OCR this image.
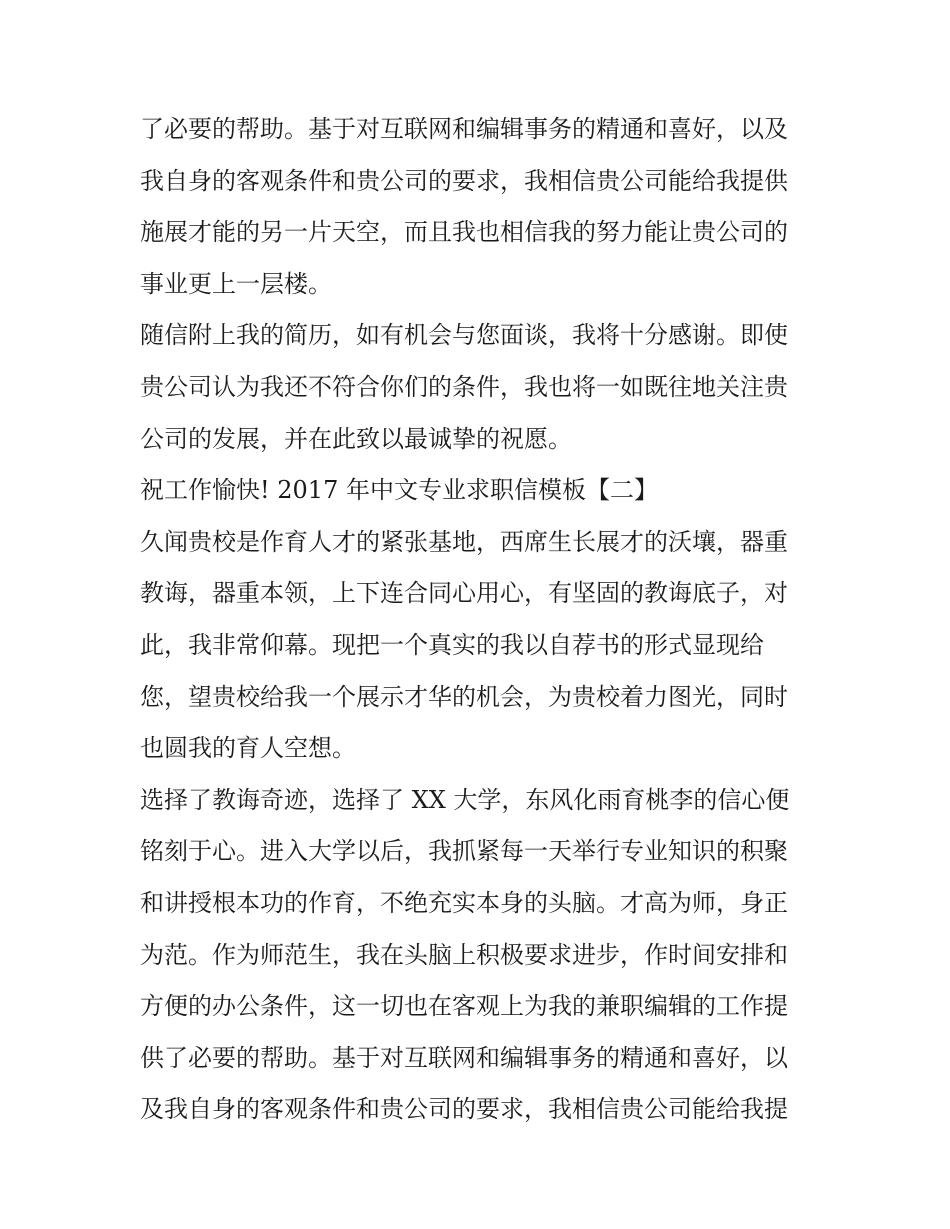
了必要的帮助。基于对互联网和编辑事务的精通和喜好，以及
我自身的客观条件和贵公司的要求，我相信贵公司能给我提供
施展才能的另一片天空，而且我也相信我的努力能让贵公司的
事业更上一层楼。
随信附上我的简历，如有机会与您面谈，我将十分感谢。即使
贵公司认为我还不符合你们的条件，我也将一如既往地关注贵
公司的发展，并在此致以最诚挚的祝愿。
祝工作愉快! 2017 年中文专业求职信模板【二】
久闻贵校是作育人才的紧张基地，西席生长展才的沃壤，器重
教诲，器重本领，上下连合同心用心，有坚固的教诲底子，对
此，我非常仰幕。现把一个真实的我以自荐书的形式显现给
您，望贵校给我一个展示才华的机会，为贵校着力图光，同时
也圆我的育人空想。
选择了教诲奇迹，选择了 XX 大学，东风化雨育桃李的信心便
铭刻于心。进入大学以后，我抓紧每一天举行专业知识的积聚
和讲授根本功的作育，不绝充实本身的头脑。才高为师，身正
为范。作为师范生，我在头脑上积极要求进步，作时间安排和
方便的办公条件，这一切也在客观上为我的兼职编辑的工作提
供了必要的帮助。基于对互联网和编辑事务的精通和喜好，以
及我自身的客观条件和贵公司的要求，我相信贵公司能给我提
